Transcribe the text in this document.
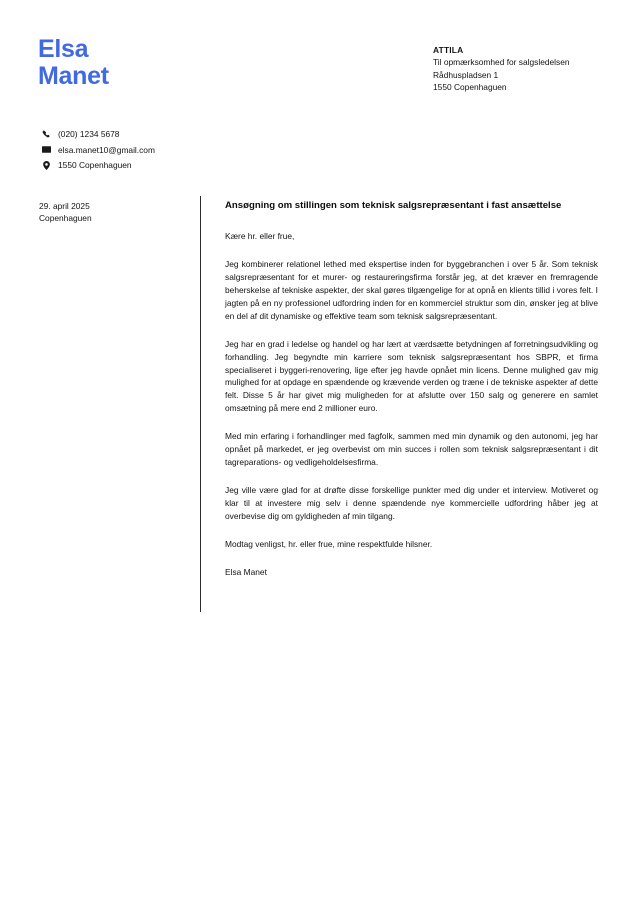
Elsa
Manet
ATTILA
Til opmærksomhed for salgsledelsen
Rådhuspladsen 1
1550 Copenhaguen
(020) 1234 5678
elsa.manet10@gmail.com
1550 Copenhaguen
29. april 2025
Copenhaguen
Ansøgning om stillingen som teknisk salgsrepræsentant i fast ansættelse

Kære hr. eller frue,

Jeg kombinerer relationel lethed med ekspertise inden for byggebranchen i over 5 år. Som teknisk salgsrepræsentant for et murer- og restaureringsfirma forstår jeg, at det kræver en fremragende beherskelse af tekniske aspekter, der skal gøres tilgængelige for at opnå en klients tillid i vores felt. I jagten på en ny professionel udfordring inden for en kommerciel struktur som din, ønsker jeg at blive en del af dit dynamiske og effektive team som teknisk salgsrepræsentant.

Jeg har en grad i ledelse og handel og har lært at værdsætte betydningen af forretningsudvikling og forhandling. Jeg begyndte min karriere som teknisk salgsrepræsentant hos SBPR, et firma specialiseret i byggeri-renovering, lige efter jeg havde opnået min licens. Denne mulighed gav mig mulighed for at opdage en spændende og krævende verden og træne i de tekniske aspekter af dette felt. Disse 5 år har givet mig muligheden for at afslutte over 150 salg og generere en samlet omsætning på mere end 2 millioner euro.

Med min erfaring i forhandlinger med fagfolk, sammen med min dynamik og den autonomi, jeg har opnået på markedet, er jeg overbevist om min succes i rollen som teknisk salgsrepræsentant i dit tagreparations- og vedligeholdelsesfirma.

Jeg ville være glad for at drøfte disse forskellige punkter med dig under et interview. Motiveret og klar til at investere mig selv i denne spændende nye kommercielle udfordring håber jeg at overbevise dig om gyldigheden af min tilgang.

Modtag venligst, hr. eller frue, mine respektfulde hilsner.

Elsa Manet
